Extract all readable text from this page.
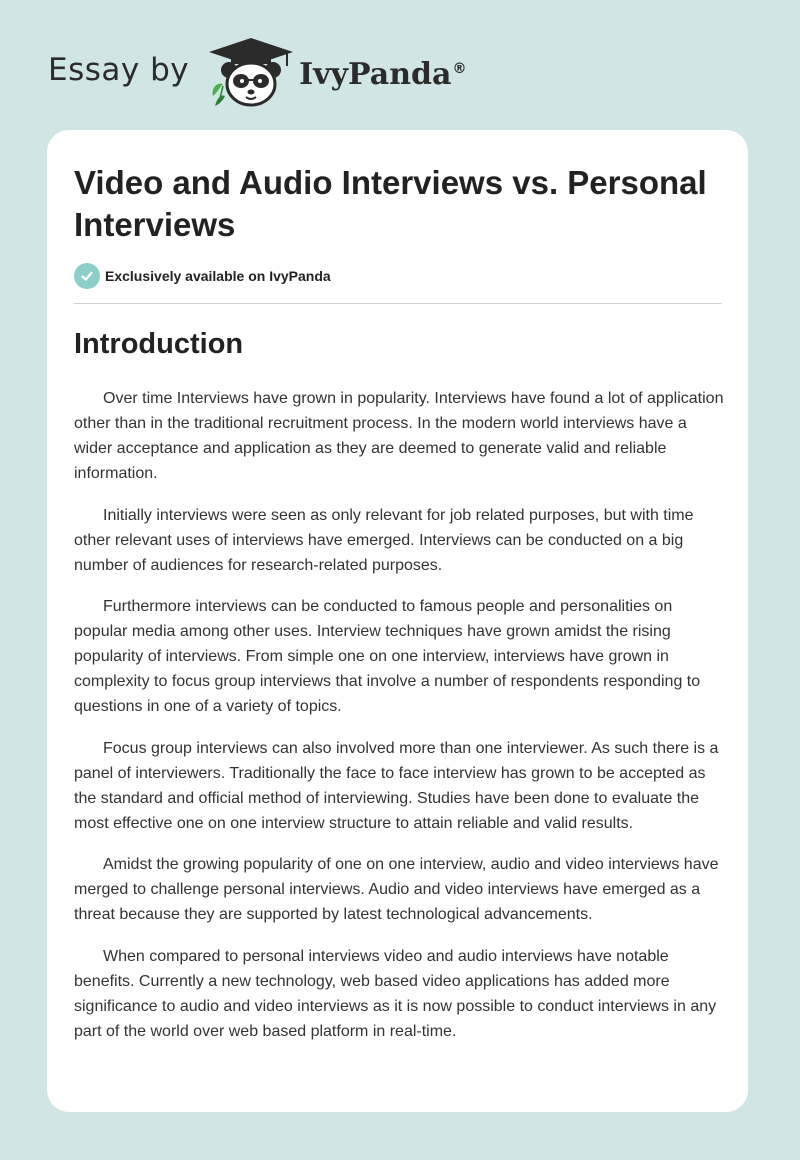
Essay by	IvyPanda®
Video and Audio Interviews vs. Personal Interviews
Exclusively available on IvyPanda
Introduction

Over time Interviews have grown in popularity. Interviews have found a lot of application other than in the traditional recruitment process. In the modern world interviews have a wider acceptance and application as they are deemed to generate valid and reliable information.

Initially interviews were seen as only relevant for job related purposes, but with time other relevant uses of interviews have emerged. Interviews can be conducted on a big number of audiences for research-related purposes.

Furthermore interviews can be conducted to famous people and personalities on popular media among other uses. Interview techniques have grown amidst the rising popularity of interviews. From simple one on one interview, interviews have grown in complexity to focus group interviews that involve a number of respondents responding to questions in one of a variety of topics.

Focus group interviews can also involved more than one interviewer. As such there is a panel of interviewers. Traditionally the face to face interview has grown to be accepted as the standard and official method of interviewing. Studies have been done to evaluate the most effective one on one interview structure to attain reliable and valid results.

Amidst the growing popularity of one on one interview, audio and video interviews have merged to challenge personal interviews. Audio and video interviews have emerged as a threat because they are supported by latest technological advancements.

When compared to personal interviews video and audio interviews have notable benefits. Currently a new technology, web based video applications has added more significance to audio and video interviews as it is now possible to conduct interviews in any part of the world over web based platform in real-time.
